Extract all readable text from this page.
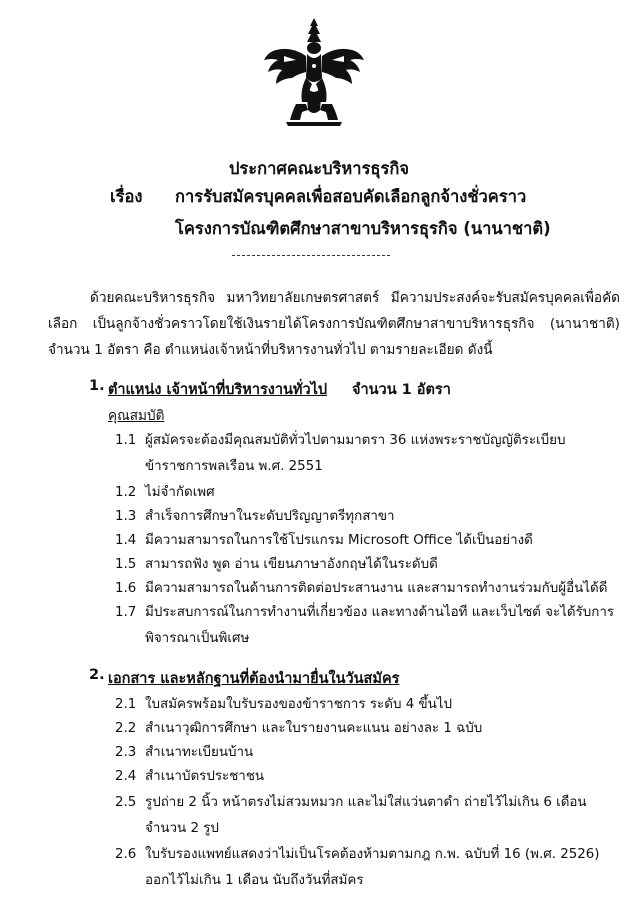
ประกาศคณะบริหารธุรกิจ
เรื่อง การรับสมัครบุคคลเพื่อสอบคัดเลือกลูกจ้างชั่วคราว
โครงการบัณฑิตศึกษาสาขาบริหารธุรกิจ (นานาชาติ)
ด้วยคณะบริหารธุรกิจ มหาวิทยาลัยเกษตรศาสตร์ มีความประสงค์จะรับสมัครบุคคลเพื่อคัดเลือก เป็นลูกจ้างชั่วคราวโดยใช้เงินรายได้โครงการบัณฑิตศึกษาสาขาบริหารธุรกิจ (นานาชาติ) จำนวน 1 อัตรา คือ ตำแหน่งเจ้าหน้าที่บริหารงานทั่วไป ตามรายละเอียด ดังนี้
1. ตำแหน่ง เจ้าหน้าที่บริหารงานทั่วไป จำนวน 1 อัตรา
คุณสมบัติ
1.1 ผู้สมัครจะต้องมีคุณสมบัติทั่วไปตามมาตรา 36 แห่งพระราชบัญญัติระเบียบข้าราชการพลเรือน พ.ศ. 2551
1.2 ไม่จำกัดเพศ
1.3 สำเร็จการศึกษาในระดับปริญญาตรีทุกสาขา
1.4 มีความสามารถในการใช้โปรแกรม Microsoft Office ได้เป็นอย่างดี
1.5 สามารถฟัง พูด อ่าน เขียนภาษาอังกฤษได้ในระดับดี
1.6 มีความสามารถในด้านการติดต่อประสานงาน และสามารถทำงานร่วมกับผู้อื่นได้ดี
1.7 มีประสบการณ์ในการทำงานที่เกี่ยวข้อง และทางด้านไอที และเว็บไซต์ จะได้รับการพิจารณาเป็นพิเศษ
2. เอกสาร และหลักฐานที่ต้องนำมายื่นในวันสมัคร
2.1 ใบสมัครพร้อมใบรับรองของข้าราชการ ระดับ 4 ขึ้นไป
2.2 สำเนาวุฒิการศึกษา และใบรายงานคะแนน อย่างละ 1 ฉบับ
2.3 สำเนาทะเบียนบ้าน
2.4 สำเนาบัตรประชาชน
2.5 รูปถ่าย 2 นิ้ว หน้าตรงไม่สวมหมวก และไม่ใส่แว่นตาดำ ถ่ายไว้ไม่เกิน 6 เดือน จำนวน 2 รูป
2.6 ใบรับรองแพทย์แสดงว่าไม่เป็นโรคต้องห้ามตามกฎ ก.พ. ฉบับที่ 16 (พ.ศ. 2526) ออกไว้ไม่เกิน 1 เดือน นับถึงวันที่สมัคร
